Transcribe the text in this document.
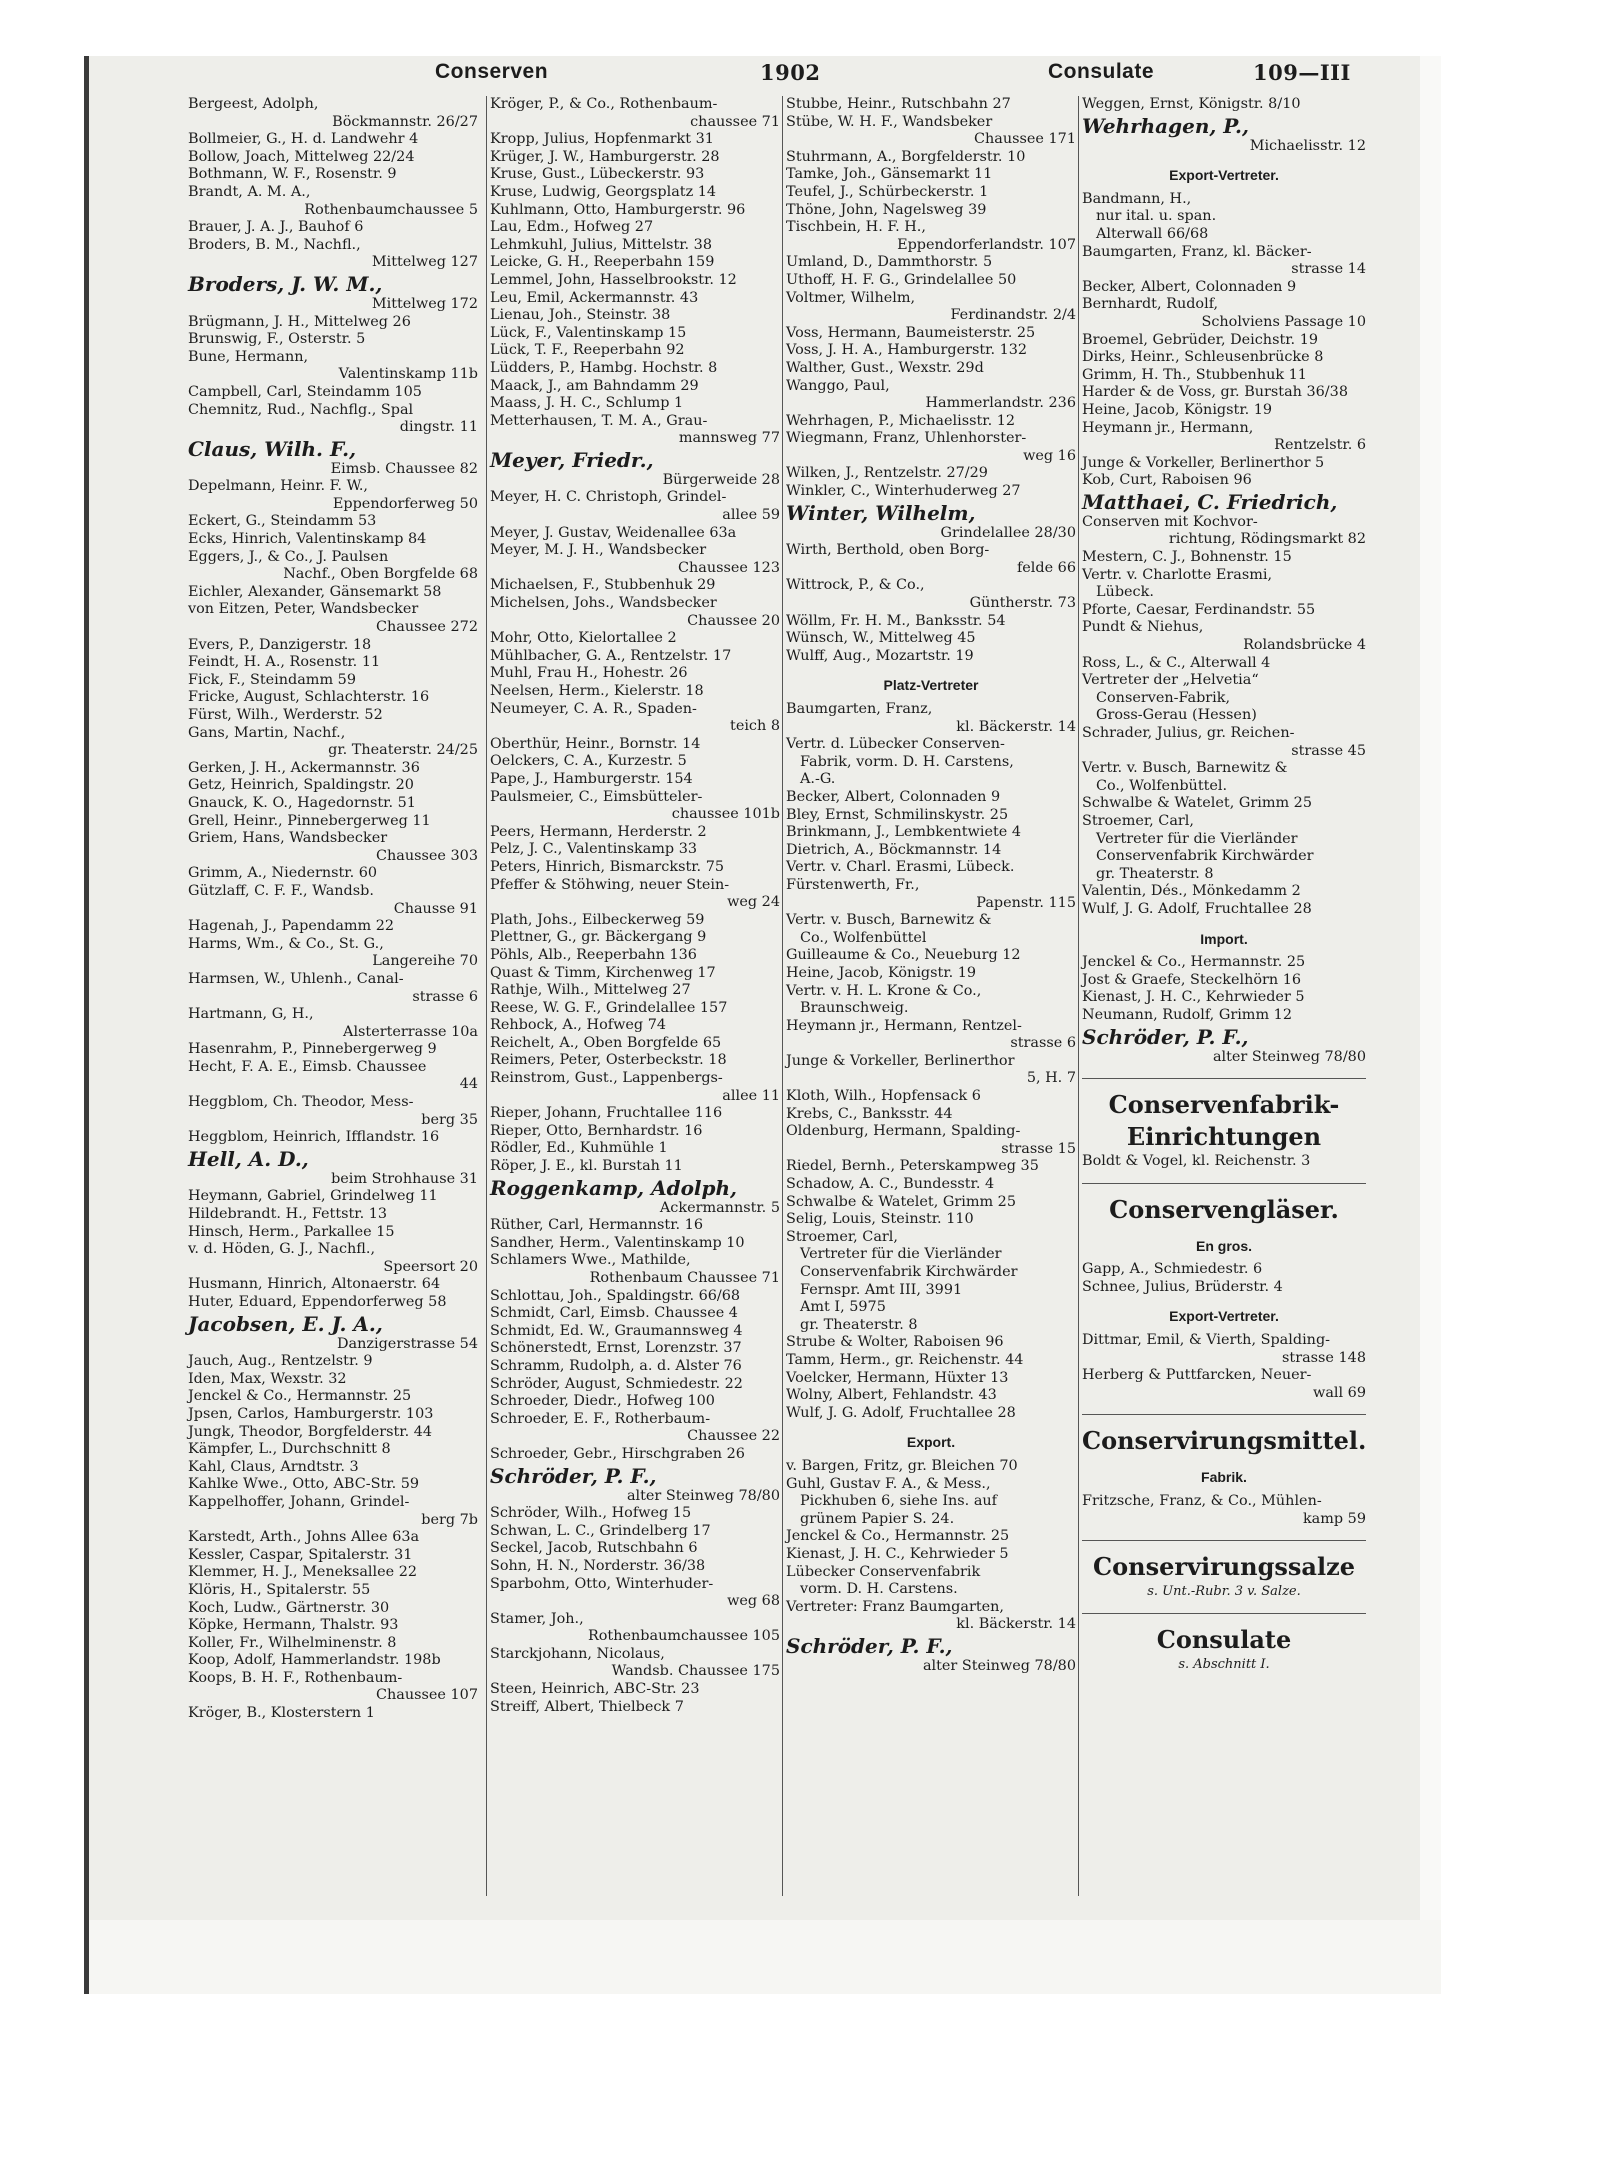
Conserven	1902	Consulate	109—III
Bergeest, Adolph,
Böckmannstr. 26/27
Bollmeier, G., H. d. Landwehr 4
Bollow, Joach, Mittelweg 22/24
Bothmann, W. F., Rosenstr. 9
Brandt, A. M. A.,
Rothenbaumchaussee 5
Brauer, J. A. J., Bauhof 6
Broders, B. M., Nachfl.,
Mittelweg 127
Broders, J. W. M.,
Mittelweg 172
Brügmann, J. H., Mittelweg 26
Brunswig, F., Osterstr. 5
Bune, Hermann,
Valentinskamp 11b
Campbell, Carl, Steindamm 105
Chemnitz, Rud., Nachflg., Spal
dingstr. 11
Claus, Wilh. F.,
Eimsb. Chaussee 82
Depelmann, Heinr. F. W.,
Eppendorferweg 50
Eckert, G., Steindamm 53
Ecks, Hinrich, Valentinskamp 84
Eggers, J., & Co., J. Paulsen
Nachf., Oben Borgfelde 68
Eichler, Alexander, Gänsemarkt 58
von Eitzen, Peter, Wandsbecker
Chaussee 272
Evers, P., Danzigerstr. 18
Feindt, H. A., Rosenstr. 11
Fick, F., Steindamm 59
Fricke, August, Schlachterstr. 16
Fürst, Wilh., Werderstr. 52
Gans, Martin, Nachf.,
gr. Theaterstr. 24/25
Gerken, J. H., Ackermannstr. 36
Getz, Heinrich, Spaldingstr. 20
Gnauck, K. O., Hagedornstr. 51
Grell, Heinr., Pinnebergerweg 11
Griem, Hans, Wandsbecker
Chaussee 303
Grimm, A., Niedernstr. 60
Gützlaff, C. F. F., Wandsb.
Chausse 91
Hagenah, J., Papendamm 22
Harms, Wm., & Co., St. G.,
Langereihe 70
Harmsen, W., Uhlenh., Canal-
strasse 6
Hartmann, G, H.,
Alsterterrasse 10a
Hasenrahm, P., Pinnebergerweg 9
Hecht, F. A. E., Eimsb. Chaussee
44
Heggblom, Ch. Theodor, Mess-
berg 35
Heggblom, Heinrich, Ifflandstr. 16
Hell, A. D.,
beim Strohhause 31
Heymann, Gabriel, Grindelweg 11
Hildebrandt. H., Fettstr. 13
Hinsch, Herm., Parkallee 15
v. d. Höden, G. J., Nachfl.,
Speersort 20
Husmann, Hinrich, Altonaerstr. 64
Huter, Eduard, Eppendorferweg 58
Jacobsen, E. J. A.,
Danzigerstrasse 54
Jauch, Aug., Rentzelstr. 9
Iden, Max, Wexstr. 32
Jenckel & Co., Hermannstr. 25
Jpsen, Carlos, Hamburgerstr. 103
Jungk, Theodor, Borgfelderstr. 44
Kämpfer, L., Durchschnitt 8
Kahl, Claus, Arndtstr. 3
Kahlke Wwe., Otto, ABC-Str. 59
Kappelhoffer, Johann, Grindel-
berg 7b
Karstedt, Arth., Johns Allee 63a
Kessler, Caspar, Spitalerstr. 31
Klemmer, H. J., Meneksallee 22
Klöris, H., Spitalerstr. 55
Koch, Ludw., Gärtnerstr. 30
Köpke, Hermann, Thalstr. 93
Koller, Fr., Wilhelminenstr. 8
Koop, Adolf, Hammerlandstr. 198b
Koops, B. H. F., Rothenbaum-
Chaussee 107
Kröger, B., Klosterstern 1
Kröger, P., & Co., Rothenbaum-
chaussee 71
Kropp, Julius, Hopfenmarkt 31
Krüger, J. W., Hamburgerstr. 28
Kruse, Gust., Lübeckerstr. 93
Kruse, Ludwig, Georgsplatz 14
Kuhlmann, Otto, Hamburgerstr. 96
Lau, Edm., Hofweg 27
Lehmkuhl, Julius, Mittelstr. 38
Leicke, G. H., Reeperbahn 159
Lemmel, John, Hasselbrookstr. 12
Leu, Emil, Ackermannstr. 43
Lienau, Joh., Steinstr. 38
Lück, F., Valentinskamp 15
Lück, T. F., Reeperbahn 92
Lüdders, P., Hambg. Hochstr. 8
Maack, J., am Bahndamm 29
Maass, J. H. C., Schlump 1
Metterhausen, T. M. A., Grau-
mannsweg 77
Meyer, Friedr.,
Bürgerweide 28
Meyer, H. C. Christoph, Grindel-
allee 59
Meyer, J. Gustav, Weidenallee 63a
Meyer, M. J. H., Wandsbecker
Chaussee 123
Michaelsen, F., Stubbenhuk 29
Michelsen, Johs., Wandsbecker
Chaussee 20
Mohr, Otto, Kielortallee 2
Mühlbacher, G. A., Rentzelstr. 17
Muhl, Frau H., Hohestr. 26
Neelsen, Herm., Kielerstr. 18
Neumeyer, C. A. R., Spaden-
teich 8
Oberthür, Heinr., Bornstr. 14
Oelckers, C. A., Kurzestr. 5
Pape, J., Hamburgerstr. 154
Paulsmeier, C., Eimsbütteler-
chaussee 101b
Peers, Hermann, Herderstr. 2
Pelz, J. C., Valentinskamp 33
Peters, Hinrich, Bismarckstr. 75
Pfeffer & Stöhwing, neuer Stein-
weg 24
Plath, Johs., Eilbeckerweg 59
Plettner, G., gr. Bäckergang 9
Pöhls, Alb., Reeperbahn 136
Quast & Timm, Kirchenweg 17
Rathje, Wilh., Mittelweg 27
Reese, W. G. F., Grindelallee 157
Rehbock, A., Hofweg 74
Reichelt, A., Oben Borgfelde 65
Reimers, Peter, Osterbeckstr. 18
Reinstrom, Gust., Lappenbergs-
allee 11
Rieper, Johann, Fruchtallee 116
Rieper, Otto, Bernhardstr. 16
Rödler, Ed., Kuhmühle 1
Röper, J. E., kl. Burstah 11
Roggenkamp, Adolph,
Ackermannstr. 5
Rüther, Carl, Hermannstr. 16
Sandher, Herm., Valentinskamp 10
Schlamers Wwe., Mathilde,
Rothenbaum Chaussee 71
Schlottau, Joh., Spaldingstr. 66/68
Schmidt, Carl, Eimsb. Chaussee 4
Schmidt, Ed. W., Graumannsweg 4
Schönerstedt, Ernst, Lorenzstr. 37
Schramm, Rudolph, a. d. Alster 76
Schröder, August, Schmiedestr. 22
Schroeder, Diedr., Hofweg 100
Schroeder, E. F., Rotherbaum-
Chaussee 22
Schroeder, Gebr., Hirschgraben 26
Schröder, P. F.,
alter Steinweg 78/80
Schröder, Wilh., Hofweg 15
Schwan, L. C., Grindelberg 17
Seckel, Jacob, Rutschbahn 6
Sohn, H. N., Norderstr. 36/38
Sparbohm, Otto, Winterhuder-
weg 68
Stamer, Joh.,
Rothenbaumchaussee 105
Starckjohann, Nicolaus,
Wandsb. Chaussee 175
Steen, Heinrich, ABC-Str. 23
Streiff, Albert, Thielbeck 7
Stubbe, Heinr., Rutschbahn 27
Stübe, W. H. F., Wandsbeker
Chaussee 171
Stuhrmann, A., Borgfelderstr. 10
Tamke, Joh., Gänsemarkt 11
Teufel, J., Schürbeckerstr. 1
Thöne, John, Nagelsweg 39
Tischbein, H. F. H.,
Eppendorferlandstr. 107
Umland, D., Dammthorstr. 5
Uthoff, H. F. G., Grindelallee 50
Voltmer, Wilhelm,
Ferdinandstr. 2/4
Voss, Hermann, Baumeisterstr. 25
Voss, J. H. A., Hamburgerstr. 132
Walther, Gust., Wexstr. 29d
Wanggo, Paul,
Hammerlandstr. 236
Wehrhagen, P., Michaelisstr. 12
Wiegmann, Franz, Uhlenhorster-
weg 16
Wilken, J., Rentzelstr. 27/29
Winkler, C., Winterhuderweg 27
Winter, Wilhelm,
Grindelallee 28/30
Wirth, Berthold, oben Borg-
felde 66
Wittrock, P., & Co.,
Güntherstr. 73
Wöllm, Fr. H. M., Banksstr. 54
Wünsch, W., Mittelweg 45
Wulff, Aug., Mozartstr. 19
Platz-Vertreter
Baumgarten, Franz,
kl. Bäckerstr. 14
Vertr. d. Lübecker Conserven-
Fabrik, vorm. D. H. Carstens,
A.-G.
Becker, Albert, Colonnaden 9
Bley, Ernst, Schmilinskystr. 25
Brinkmann, J., Lembkentwiete 4
Dietrich, A., Böckmannstr. 14
Vertr. v. Charl. Erasmi, Lübeck.
Fürstenwerth, Fr.,
Papenstr. 115
Vertr. v. Busch, Barnewitz &
Co., Wolfenbüttel
Guilleaume & Co., Neueburg 12
Heine, Jacob, Königstr. 19
Vertr. v. H. L. Krone & Co.,
Braunschweig.
Heymann jr., Hermann, Rentzel-
strasse 6
Junge & Vorkeller, Berlinerthor
5, H. 7
Kloth, Wilh., Hopfensack 6
Krebs, C., Banksstr. 44
Oldenburg, Hermann, Spalding-
strasse 15
Riedel, Bernh., Peterskampweg 35
Schadow, A. C., Bundesstr. 4
Schwalbe & Watelet, Grimm 25
Selig, Louis, Steinstr. 110
Stroemer, Carl,
Vertreter für die Vierländer
Conservenfabrik Kirchwärder
Fernspr. Amt III, 3991
Amt I, 5975
gr. Theaterstr. 8
Strube & Wolter, Raboisen 96
Tamm, Herm., gr. Reichenstr. 44
Voelcker, Hermann, Hüxter 13
Wolny, Albert, Fehlandstr. 43
Wulf, J. G. Adolf, Fruchtallee 28
Export.
v. Bargen, Fritz, gr. Bleichen 70
Guhl, Gustav F. A., & Mess.,
Pickhuben 6, siehe Ins. auf
grünem Papier S. 24.
Jenckel & Co., Hermannstr. 25
Kienast, J. H. C., Kehrwieder 5
Lübecker Conservenfabrik
vorm. D. H. Carstens.
Vertreter: Franz Baumgarten,
kl. Bäckerstr. 14
Schröder, P. F.,
alter Steinweg 78/80
Weggen, Ernst, Königstr. 8/10
Wehrhagen, P.,
Michaelisstr. 12
Export-Vertreter.
Bandmann, H.,
nur ital. u. span.
Alterwall 66/68
Baumgarten, Franz, kl. Bäcker-
strasse 14
Becker, Albert, Colonnaden 9
Bernhardt, Rudolf,
Scholviens Passage 10
Broemel, Gebrüder, Deichstr. 19
Dirks, Heinr., Schleusenbrücke 8
Grimm, H. Th., Stubbenhuk 11
Harder & de Voss, gr. Burstah 36/38
Heine, Jacob, Königstr. 19
Heymann jr., Hermann,
Rentzelstr. 6
Junge & Vorkeller, Berlinerthor 5
Kob, Curt, Raboisen 96
Matthaei, C. Friedrich,
Conserven mit Kochvor-
richtung, Rödingsmarkt 82
Mestern, C. J., Bohnenstr. 15
Vertr. v. Charlotte Erasmi,
Lübeck.
Pforte, Caesar, Ferdinandstr. 55
Pundt & Niehus,
Rolandsbrücke 4
Ross, L., & C., Alterwall 4
Vertreter der „Helvetia“
Conserven-Fabrik,
Gross-Gerau (Hessen)
Schrader, Julius, gr. Reichen-
strasse 45
Vertr. v. Busch, Barnewitz &
Co., Wolfenbüttel.
Schwalbe & Watelet, Grimm 25
Stroemer, Carl,
Vertreter für die Vierländer
Conservenfabrik Kirchwärder
gr. Theaterstr. 8
Valentin, Dés., Mönkedamm 2
Wulf, J. G. Adolf, Fruchtallee 28
Import.
Jenckel & Co., Hermannstr. 25
Jost & Graefe, Steckelhörn 16
Kienast, J. H. C., Kehrwieder 5
Neumann, Rudolf, Grimm 12
Schröder, P. F.,
alter Steinweg 78/80
Conservenfabrik-
Einrichtungen
Boldt & Vogel, kl. Reichenstr. 3
Conservengläser.
En gros.
Gapp, A., Schmiedestr. 6
Schnee, Julius, Brüderstr. 4
Export-Vertreter.
Dittmar, Emil, & Vierth, Spalding-
strasse 148
Herberg & Puttfarcken, Neuer-
wall 69
Conservirungsmittel.
Fabrik.
Fritzsche, Franz, & Co., Mühlen-
kamp 59
Conservirungssalze
s. Unt.-Rubr. 3 v. Salze.
Consulate
s. Abschnitt I.
